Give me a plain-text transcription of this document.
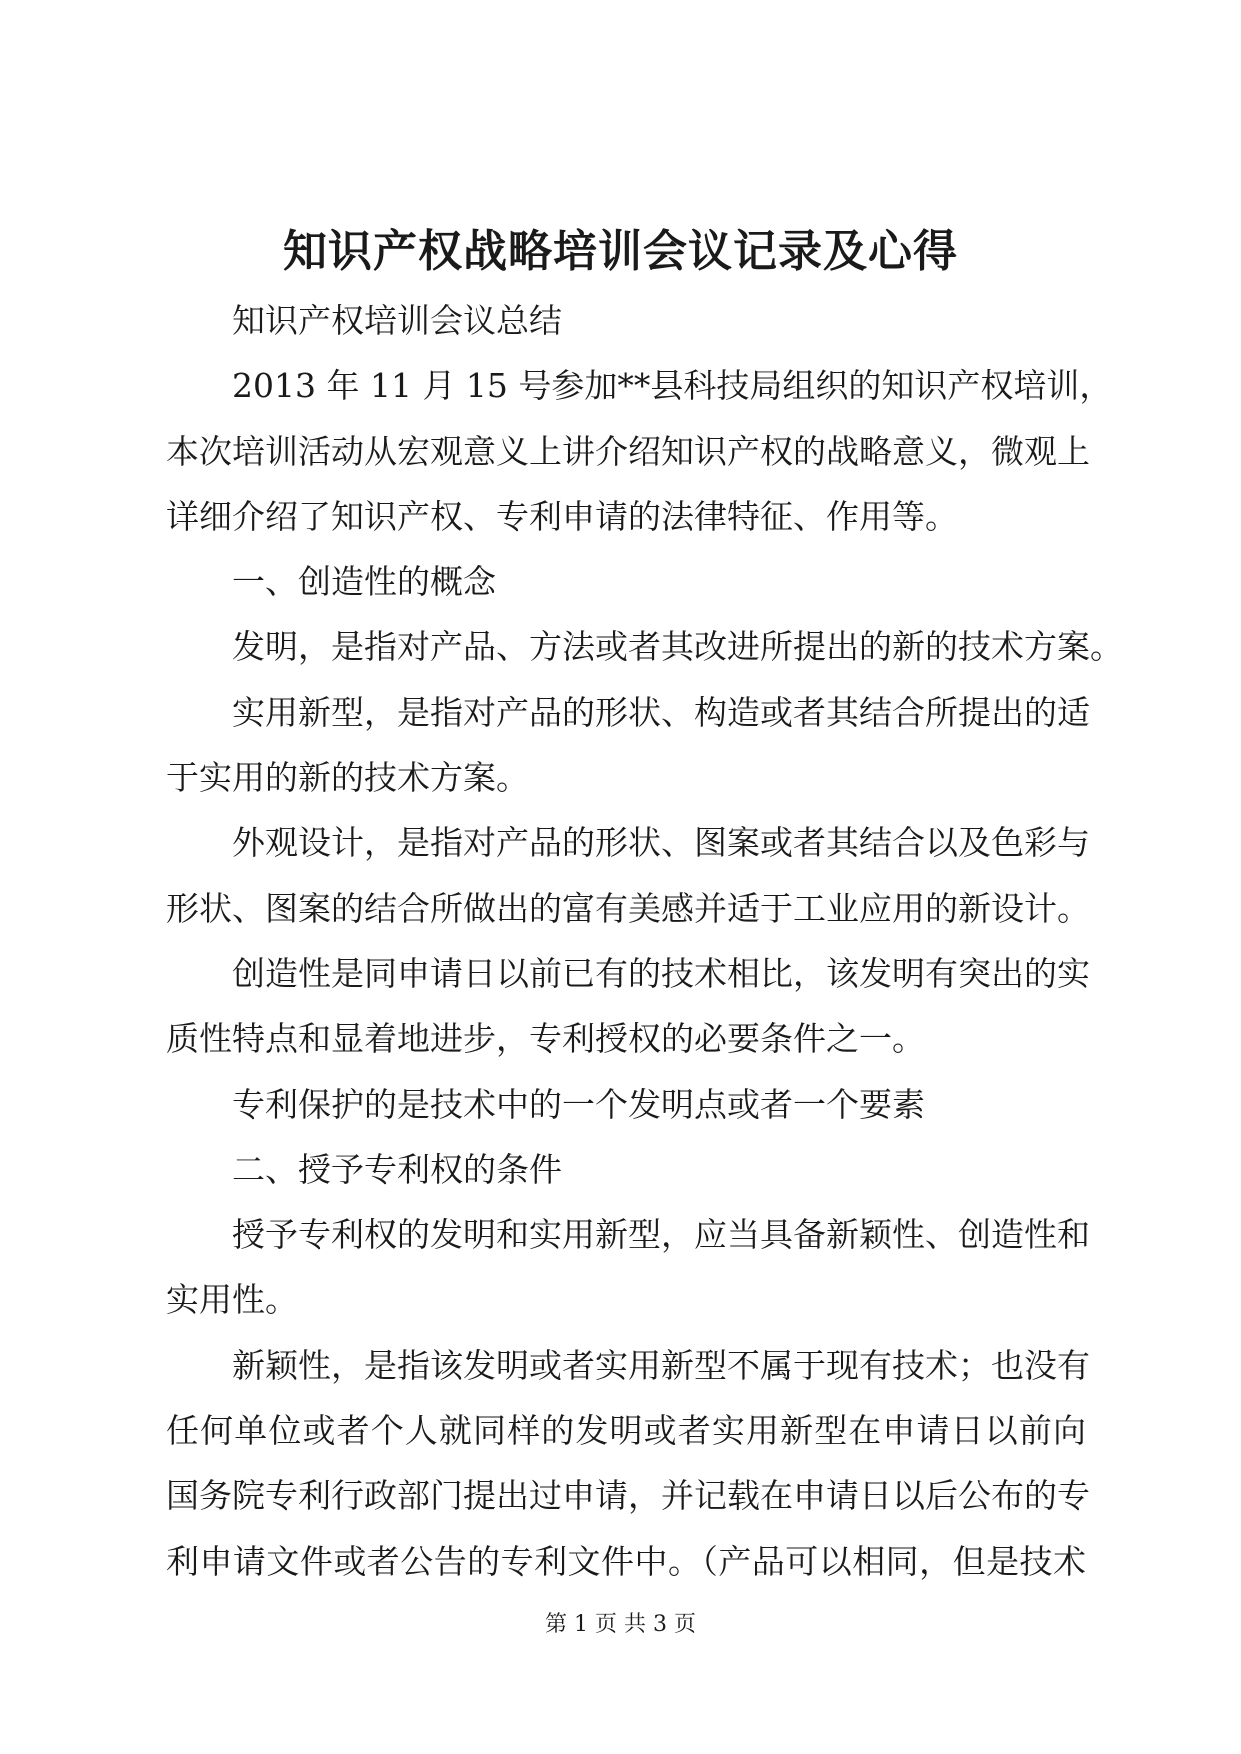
知识产权战略培训会议记录及心得
知识产权培训会议总结
2013 年 11 月 15 号参加**县科技局组织的知识产权培训，
本次培训活动从宏观意义上讲介绍知识产权的战略意义，微观上
详细介绍了知识产权、专利申请的法律特征、作用等。
一、创造性的概念
发明，是指对产品、方法或者其改进所提出的新的技术方案。
实用新型，是指对产品的形状、构造或者其结合所提出的适
于实用的新的技术方案。
外观设计，是指对产品的形状、图案或者其结合以及色彩与
形状、图案的结合所做出的富有美感并适于工业应用的新设计。
创造性是同申请日以前已有的技术相比，该发明有突出的实
质性特点和显着地进步，专利授权的必要条件之一。
专利保护的是技术中的一个发明点或者一个要素
二、授予专利权的条件
授予专利权的发明和实用新型，应当具备新颖性、创造性和
实用性。
新颖性，是指该发明或者实用新型不属于现有技术；也没有
任何单位或者个人就同样的发明或者实用新型在申请日以前向
国务院专利行政部门提出过申请，并记载在申请日以后公布的专
利申请文件或者公告的专利文件中。（产品可以相同，但是技术
第 1 页 共 3 页
